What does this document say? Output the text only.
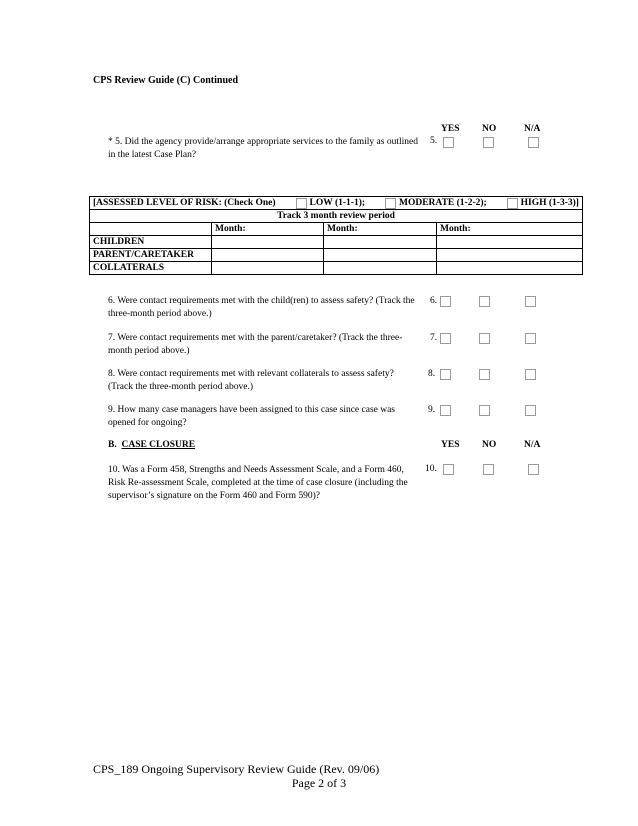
CPS Review Guide (C) Continued
YES NO	N/A
* 5. Did the agency provide/arrange appropriate services to the family as outlined in the latest Case Plan?
5.
[ASSESSED LEVEL OF RISK: (Check One) LOW (1-1-1); MODERATE (1-2-2); HIGH (1-3-3)]			

Track 3 month review period			
	Month:	Month:	Month:
CHILDREN			
PARENT/CARETAKER			
COLLATERALS			
6. Were contact requirements met with the child(ren) to assess safety? (Track the three-month period above.)
6.
7. Were contact requirements met with the parent/caretaker? (Track the three-month period above.)
7.
8. Were contact requirements met with relevant collaterals to assess safety? (Track the three-month period above.)
8.
9. How many case managers have been assigned to this case since case was opened for ongoing?
9.
B. CASE CLOSURE	YES NO	N/A
10. Was a Form 458, Strengths and Needs Assessment Scale, and a Form 460, Risk Re-assessment Scale, completed at the time of case closure (including the supervisor’s signature on the Form 460 and Form 590)?
10.
CPS_189 Ongoing Supervisory Review Guide (Rev. 09/06)
Page 2 of 3
